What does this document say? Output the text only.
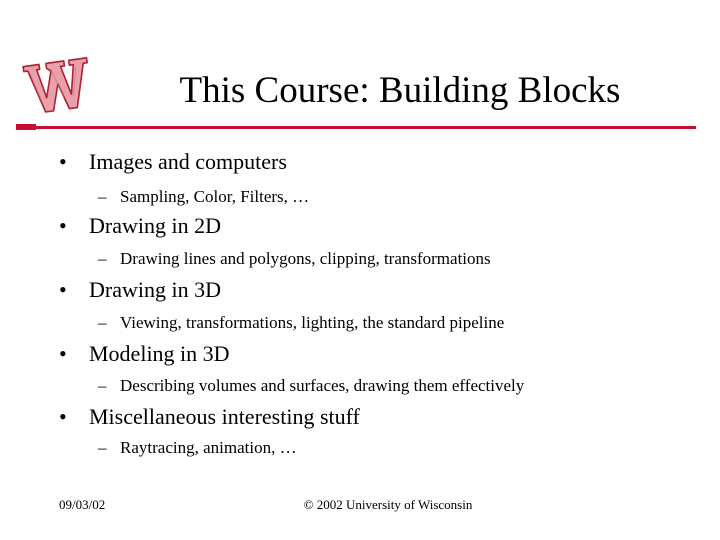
This Course: Building Blocks
• Images and computers
– Sampling, Color, Filters, …
• Drawing in 2D
– Drawing lines and polygons, clipping, transformations
• Drawing in 3D
– Viewing, transformations, lighting, the standard pipeline
• Modeling in 3D
– Describing volumes and surfaces, drawing them effectively
• Miscellaneous interesting stuff
– Raytracing, animation, …
09/03/02	© 2002 University of Wisconsin
